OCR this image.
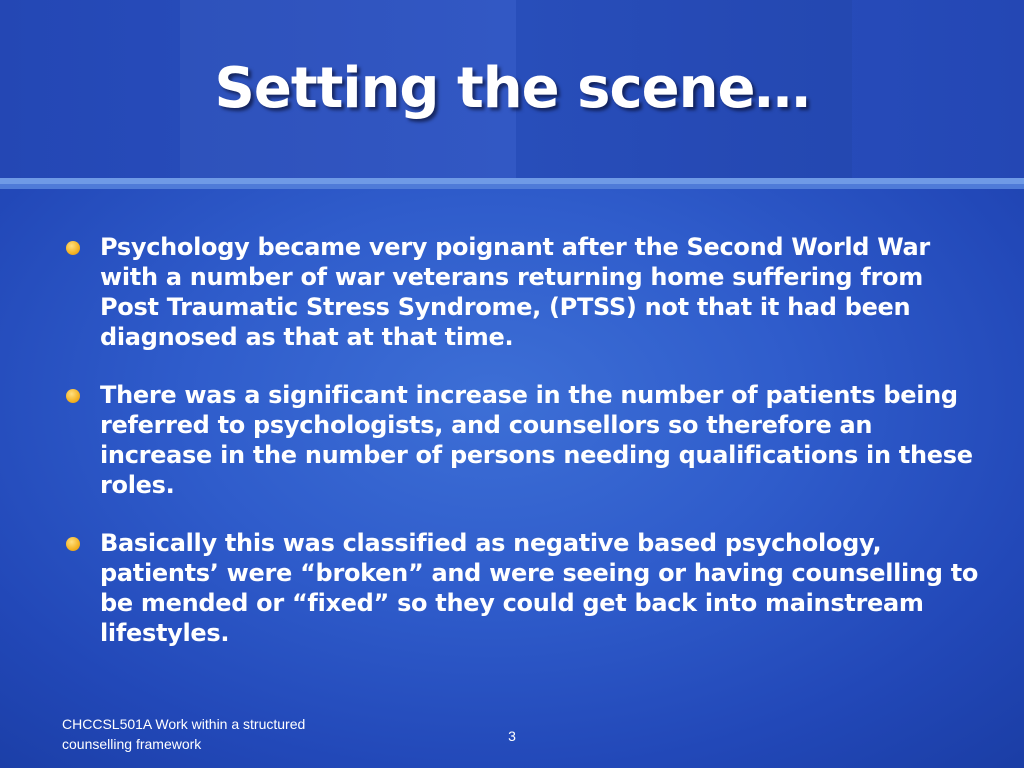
Setting the scene…
Psychology became very poignant after the Second World War with a number of war veterans returning home suffering from Post Traumatic Stress Syndrome, (PTSS) not that it had been diagnosed as that at that time.
There was a significant increase in the number of patients being referred to psychologists, and counsellors so therefore an increase in the number of persons needing qualifications in these roles.
Basically this was classified as negative based psychology, patients’ were “broken” and were seeing or having counselling to be mended or “fixed” so they could get back into mainstream lifestyles.
CHCCSL501A Work within a structured
counselling framework	3
